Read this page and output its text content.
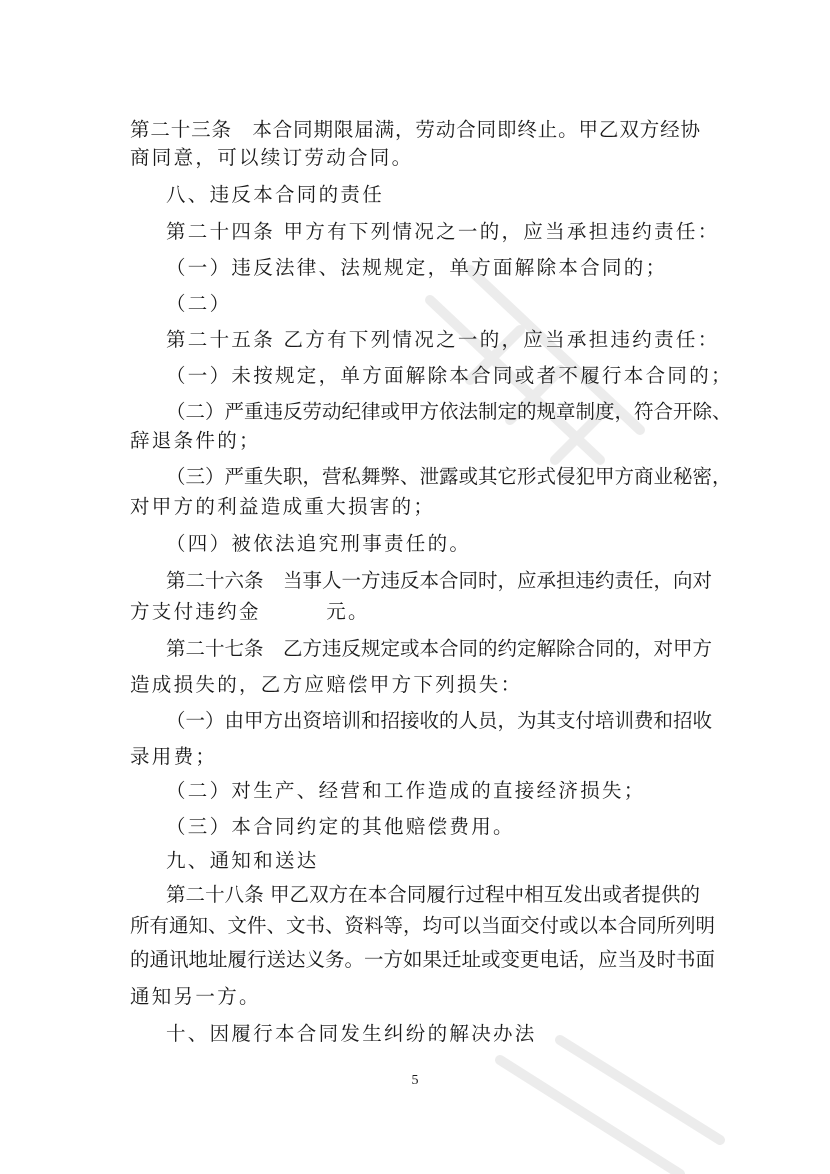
第二十三条　本合同期限届满，劳动合同即终止。甲乙双方经协
商同意，可以续订劳动合同。
八、违反本合同的责任
第二十四条 甲方有下列情况之一的，应当承担违约责任：
（一）违反法律、法规规定，单方面解除本合同的；
（二）
第二十五条 乙方有下列情况之一的，应当承担违约责任：
（一）未按规定，单方面解除本合同或者不履行本合同的；
（二）严重违反劳动纪律或甲方依法制定的规章制度，符合开除、
辞退条件的；
（三）严重失职，营私舞弊、泄露或其它形式侵犯甲方商业秘密，
对甲方的利益造成重大损害的；
（四）被依法追究刑事责任的。
第二十六条　当事人一方违反本合同时，应承担违约责任，向对
方支付违约金　　　元。
第二十七条　乙方违反规定或本合同的约定解除合同的，对甲方
造成损失的，乙方应赔偿甲方下列损失：
（一）由甲方出资培训和招接收的人员，为其支付培训费和招收
录用费；
（二）对生产、经营和工作造成的直接经济损失；
（三）本合同约定的其他赔偿费用。
九、通知和送达
第二十八条 甲乙双方在本合同履行过程中相互发出或者提供的
所有通知、文件、文书、资料等，均可以当面交付或以本合同所列明
的通讯地址履行送达义务。一方如果迁址或变更电话，应当及时书面
通知另一方。
十、因履行本合同发生纠纷的解决办法
5
